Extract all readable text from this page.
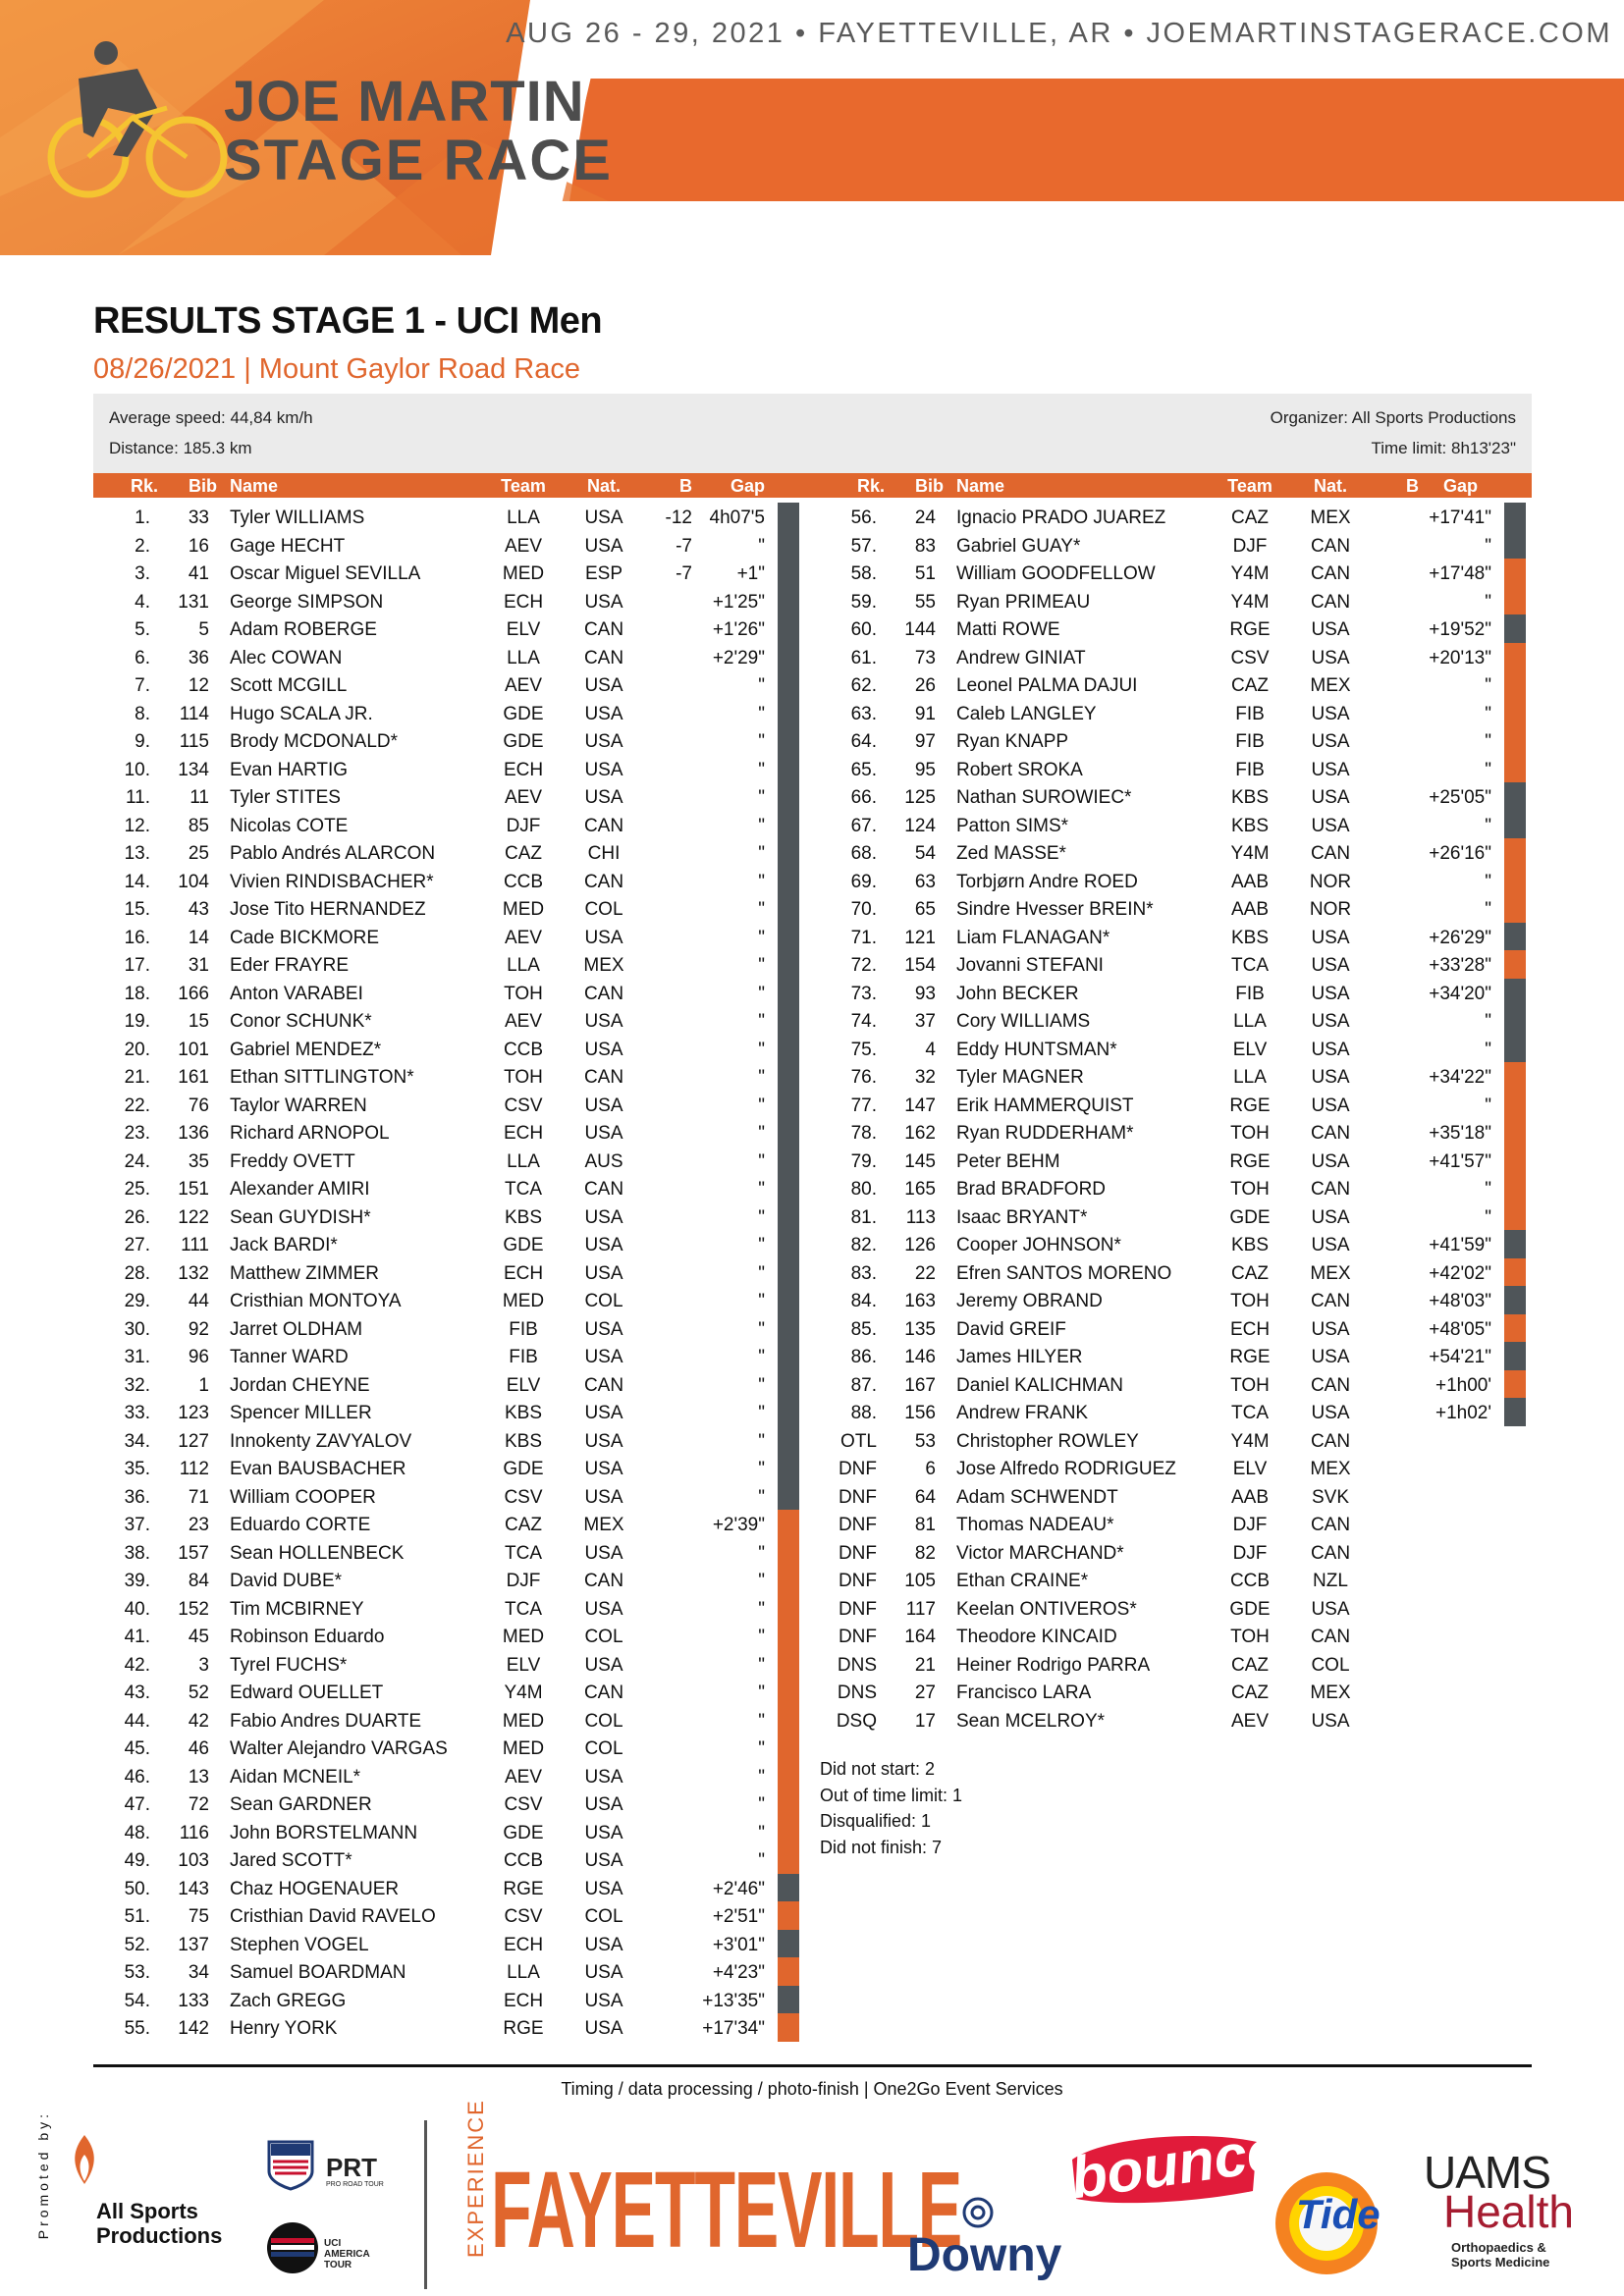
JOE MARTIN
STAGE RACE
AUG 26 - 29, 2021 • FAYETTEVILLE, AR • JOEMARTINSTAGERACE.COM
RESULTS STAGE 1 - UCI Men
08/26/2021 | Mount Gaylor Road Race
Average speed: 44,84 km/h
Distance: 185.3 km
Organizer: All Sports Productions
Time limit: 8h13'23"
Rk.	Bib Name	Team	Nat.	B Gap	Rk.	Bib Name	Team	Nat.	B Gap
1.	33 Tyler WILLIAMS	LLA	USA	-12 4h07'5
2.	16 Gage HECHT	AEV	USA	-7	"
3.	41 Oscar Miguel SEVILLA	MED	ESP	-7	+1"
4.	131 George SIMPSON	ECH	USA	+1'25"
5.	5 Adam ROBERGE	ELV	CAN	+1'26"
6.	36 Alec COWAN	LLA	CAN	+2'29"
7.	12 Scott MCGILL	AEV	USA	"
8.	114 Hugo SCALA JR.	GDE	USA	"
9.	115 Brody MCDONALD*	GDE	USA	"
10.	134 Evan HARTIG	ECH	USA	"
11.	11 Tyler STITES	AEV	USA	"
12.	85 Nicolas COTE	DJF	CAN	"
13.	25 Pablo Andrés ALARCON	CAZ	CHI	"
14.	104 Vivien RINDISBACHER*	CCB	CAN	"
15.	43 Jose Tito HERNANDEZ	MED	COL	"
16.	14 Cade BICKMORE	AEV	USA	"
17.	31 Eder FRAYRE	LLA	MEX	"
18.	166 Anton VARABEI	TOH	CAN	"
19.	15 Conor SCHUNK*	AEV	USA	"
20.	101 Gabriel MENDEZ*	CCB	USA	"
21.	161 Ethan SITTLINGTON*	TOH	CAN	"
22.	76 Taylor WARREN	CSV	USA	"
23.	136 Richard ARNOPOL	ECH	USA	"
24.	35 Freddy OVETT	LLA	AUS	"
25.	151 Alexander AMIRI	TCA	CAN	"
26.	122 Sean GUYDISH*	KBS	USA	"
27.	111 Jack BARDI*	GDE	USA	"
28.	132 Matthew ZIMMER	ECH	USA	"
29.	44 Cristhian MONTOYA	MED	COL	"
30.	92 Jarret OLDHAM	FIB	USA	"
31.	96 Tanner WARD	FIB	USA	"
32.	1 Jordan CHEYNE	ELV	CAN	"
33.	123 Spencer MILLER	KBS	USA	"
34.	127 Innokenty ZAVYALOV	KBS	USA	"
35.	112 Evan BAUSBACHER	GDE	USA	"
36.	71 William COOPER	CSV	USA	"
37.	23 Eduardo CORTE	CAZ	MEX	+2'39"
38.	157 Sean HOLLENBECK	TCA	USA	"
39.	84 David DUBE*	DJF	CAN	"
40.	152 Tim MCBIRNEY	TCA	USA	"
41.	45 Robinson Eduardo	MED	COL	"
42.	3 Tyrel FUCHS*	ELV	USA	"
43.	52 Edward OUELLET	Y4M	CAN	"
44.	42 Fabio Andres DUARTE	MED	COL	"
45.	46 Walter Alejandro VARGAS	MED	COL	"
46.	13 Aidan MCNEIL*	AEV	USA	"
47.	72 Sean GARDNER	CSV	USA	"
48.	116 John BORSTELMANN	GDE	USA	"
49.	103 Jared SCOTT*	CCB	USA	"
50.	143 Chaz HOGENAUER	RGE	USA	+2'46"
51.	75 Cristhian David RAVELO	CSV	COL	+2'51"
52.	137 Stephen VOGEL	ECH	USA	+3'01"
53.	34 Samuel BOARDMAN	LLA	USA	+4'23"
54.	133 Zach GREGG	ECH	USA	+13'35"
55.	142 Henry YORK	RGE	USA	+17'34"
56.	24 Ignacio PRADO JUAREZ	CAZ	MEX	+17'41"
57.	83 Gabriel GUAY*	DJF	CAN	"
58.	51 William GOODFELLOW	Y4M	CAN	+17'48"
59.	55 Ryan PRIMEAU	Y4M	CAN	"
60.	144 Matti ROWE	RGE	USA	+19'52"
61.	73 Andrew GINIAT	CSV	USA	+20'13"
62.	26 Leonel PALMA DAJUI	CAZ	MEX	"
63.	91 Caleb LANGLEY	FIB	USA	"
64.	97 Ryan KNAPP	FIB	USA	"
65.	95 Robert SROKA	FIB	USA	"
66.	125 Nathan SUROWIEC*	KBS	USA	+25'05"
67.	124 Patton SIMS*	KBS	USA	"
68.	54 Zed MASSE*	Y4M	CAN	+26'16"
69.	63 Torbjørn Andre ROED	AAB	NOR	"
70.	65 Sindre Hvesser BREIN*	AAB	NOR	"
71.	121 Liam FLANAGAN*	KBS	USA	+26'29"
72.	154 Jovanni STEFANI	TCA	USA	+33'28"
73.	93 John BECKER	FIB	USA	+34'20"
74.	37 Cory WILLIAMS	LLA	USA	"
75.	4 Eddy HUNTSMAN*	ELV	USA	"
76.	32 Tyler MAGNER	LLA	USA	+34'22"
77.	147 Erik HAMMERQUIST	RGE	USA	"
78.	162 Ryan RUDDERHAM*	TOH	CAN	+35'18"
79.	145 Peter BEHM	RGE	USA	+41'57"
80.	165 Brad BRADFORD	TOH	CAN	"
81.	113 Isaac BRYANT*	GDE	USA	"
82.	126 Cooper JOHNSON*	KBS	USA	+41'59"
83.	22 Efren SANTOS MORENO	CAZ	MEX	+42'02"
84.	163 Jeremy OBRAND	TOH	CAN	+48'03"
85.	135 David GREIF	ECH	USA	+48'05"
86.	146 James HILYER	RGE	USA	+54'21"
87.	167 Daniel KALICHMAN	TOH	CAN	+1h00'
88.	156 Andrew FRANK	TCA	USA	+1h02'
OTL	53 Christopher ROWLEY	Y4M	CAN
DNF	6 Jose Alfredo RODRIGUEZ	ELV	MEX
DNF	64 Adam SCHWENDT	AAB	SVK
DNF	81 Thomas NADEAU*	DJF	CAN
DNF	82 Victor MARCHAND*	DJF	CAN
DNF	105 Ethan CRAINE*	CCB	NZL
DNF	117 Keelan ONTIVEROS*	GDE	USA
DNF	164 Theodore KINCAID	TOH	CAN
DNS	21 Heiner Rodrigo PARRA	CAZ	COL
DNS	27 Francisco LARA	CAZ	MEX
DSQ	17 Sean MCELROY*	AEV	USA
Did not start: 2
Out of time limit: 1
Disqualified: 1
Did not finish: 7
Timing / data processing / photo-finish | One2Go Event Services
Promoted by: All Sports Productions
PRT
PRO ROAD TOUR
UCI AMERICA TOUR
EXPERIENCE FAYETTEVILLE
Downy
bounce
Tide
UAMS
Health
Orthopaedics & Sports Medicine
